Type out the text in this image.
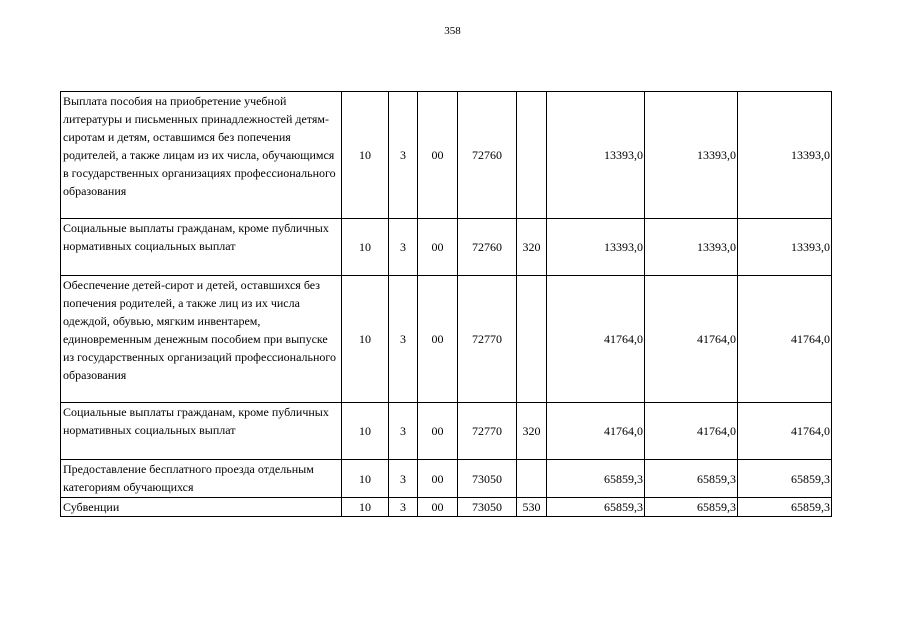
358
Выплата пособия на приобретение учебной литературы и письменных принадлежностей детям-сиротам и детям, оставшимся без попечения родителей, а также лицам из их числа, обучающимся в государственных организациях профессионального образования	10	3	00	72760		13393,0	13393,0	13393,0
Социальные выплаты гражданам, кроме публичных нормативных социальных выплат	10	3	00	72760	320	13393,0	13393,0	13393,0
Обеспечение детей-сирот и детей, оставшихся без попечения родителей, а также лиц из их числа одеждой, обувью, мягким инвентарем, единовременным денежным пособием при выпуске из государственных организаций профессионального образования	10	3	00	72770		41764,0	41764,0	41764,0
Социальные выплаты гражданам, кроме публичных нормативных социальных выплат	10	3	00	72770	320	41764,0	41764,0	41764,0
Предоставление бесплатного проезда отдельным категориям обучающихся	10	3	00	73050		65859,3	65859,3	65859,3
Субвенции	10	3	00	73050	530	65859,3	65859,3	65859,3
